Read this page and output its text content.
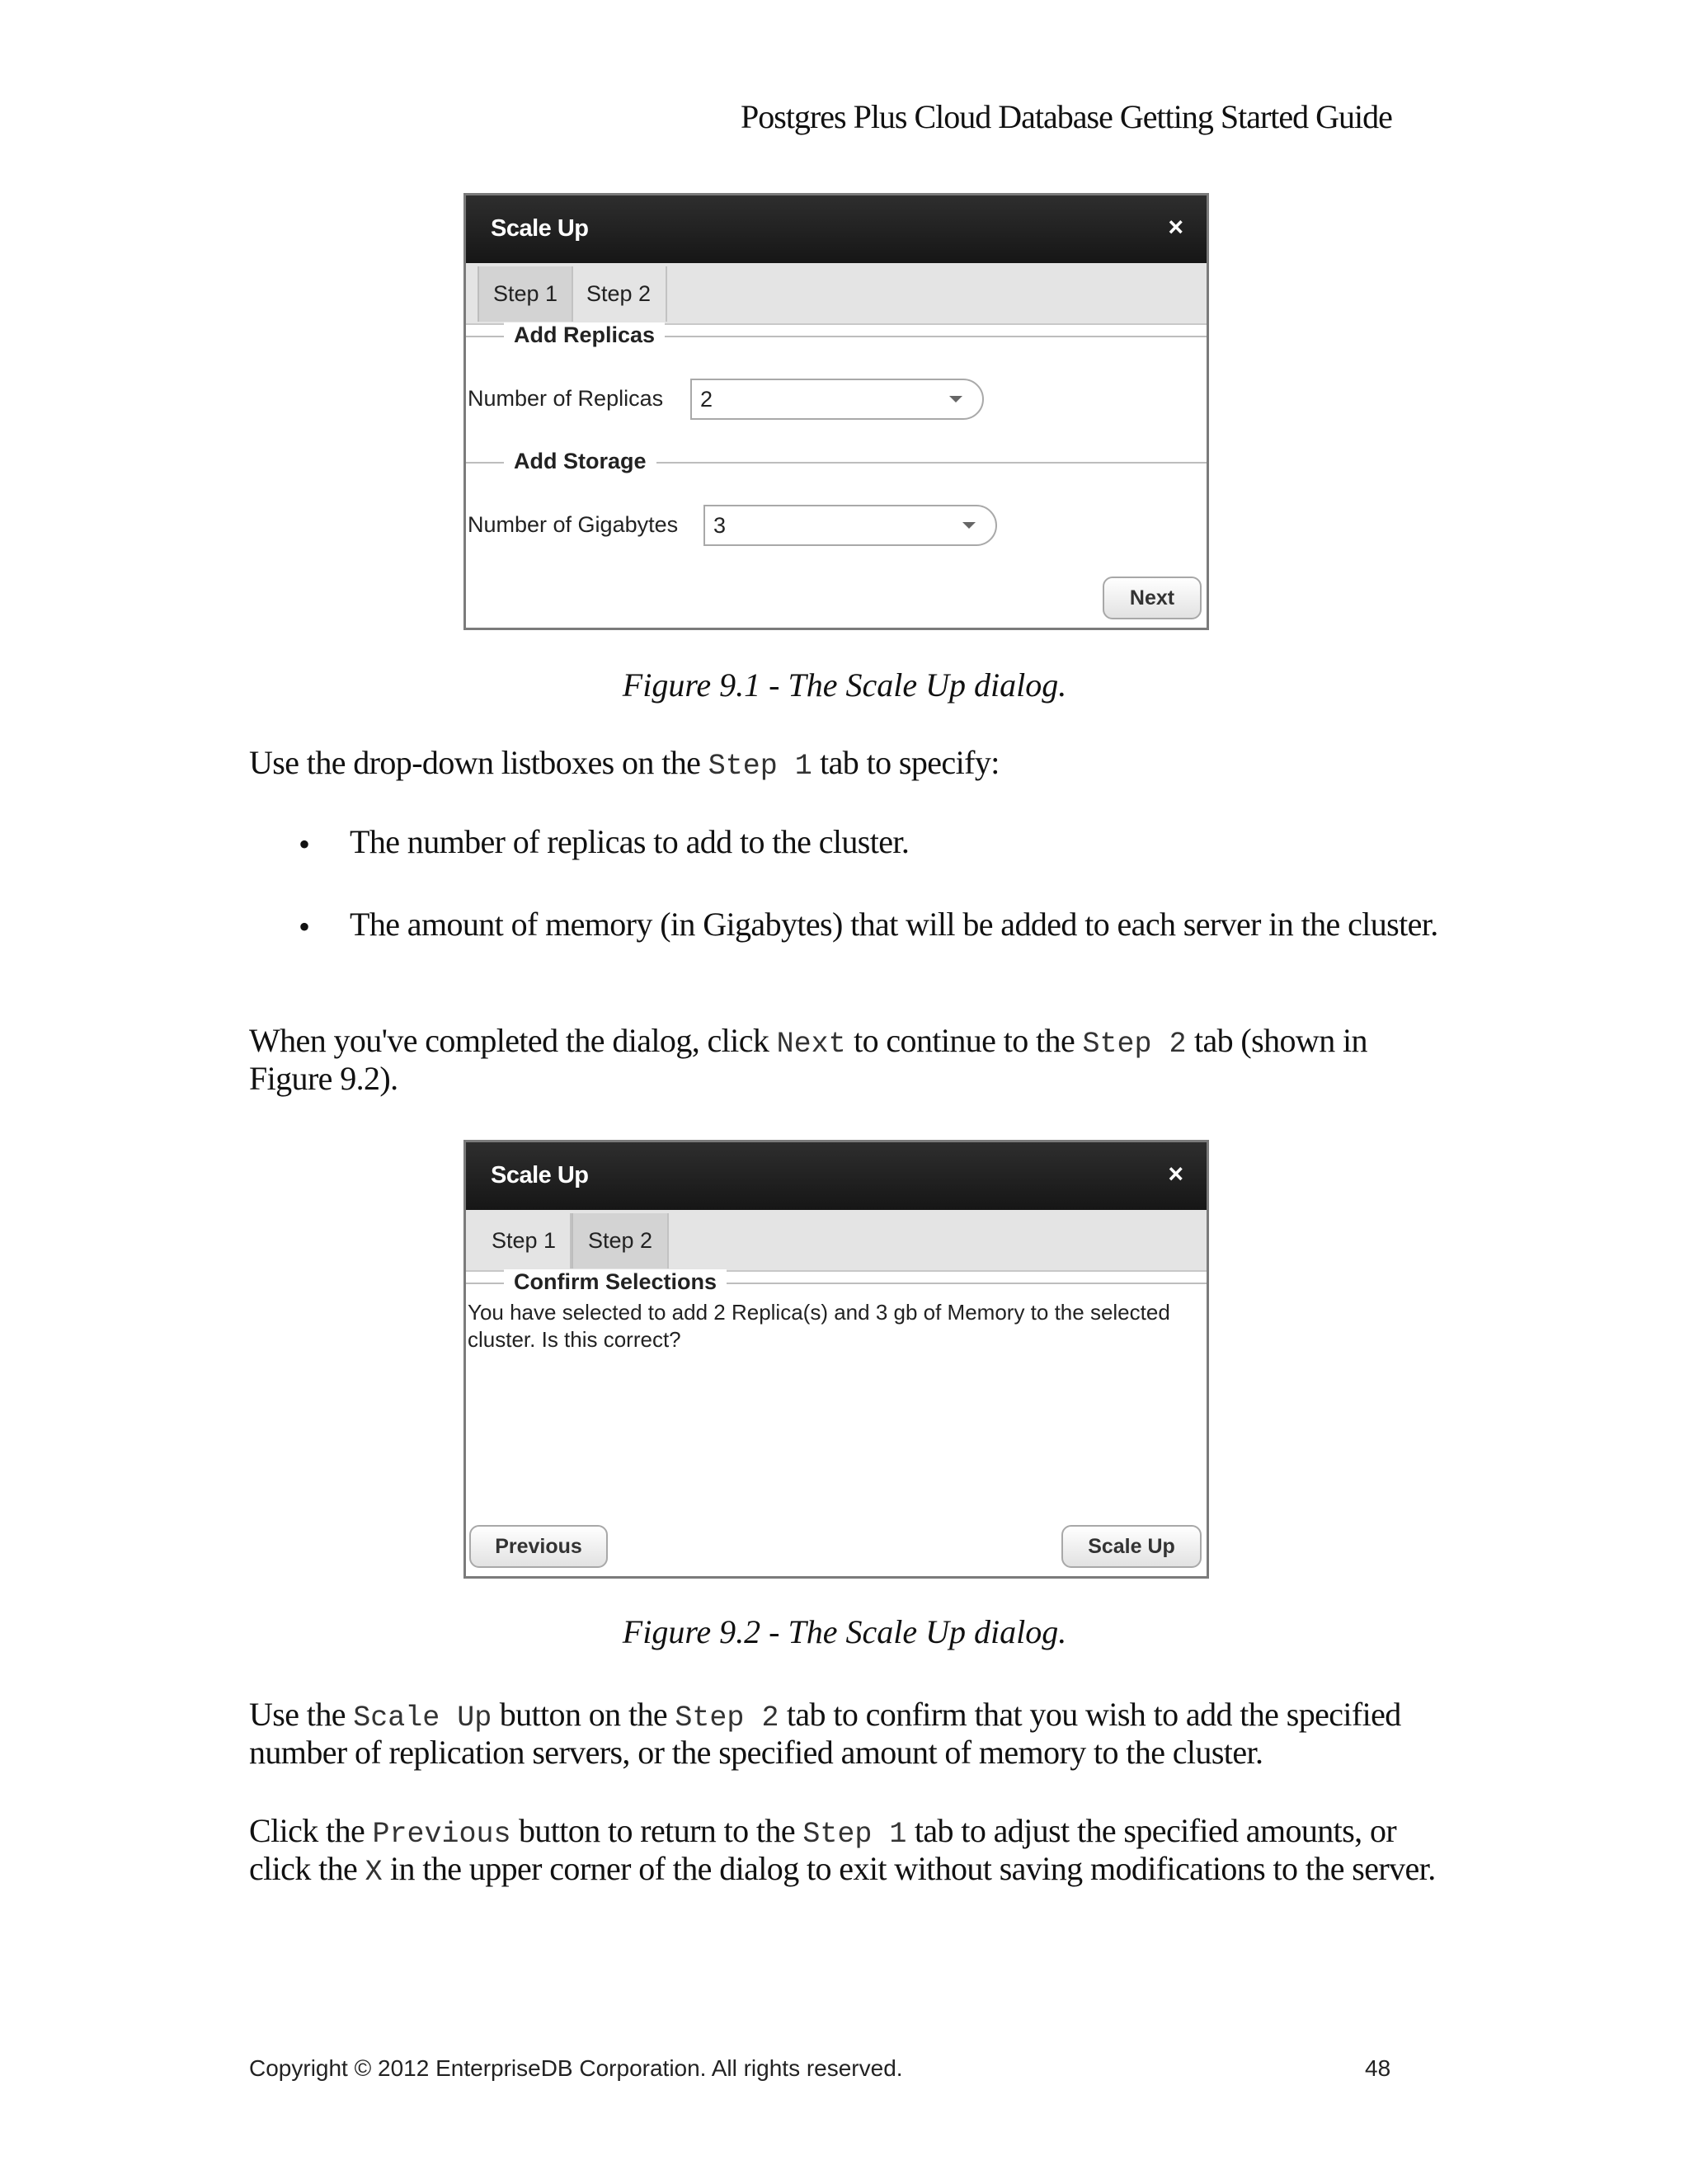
Postgres Plus Cloud Database Getting Started Guide
Scale Up	×
Step 1	Step 2
Add Replicas
Number of Replicas 2
Add Storage
Number of Gigabytes 3
Next
Figure 9.1 - The Scale Up dialog.
Use the drop-down listboxes on the Step 1 tab to specify:
• The number of replicas to add to the cluster.
• The amount of memory (in Gigabytes) that will be added to each server in the cluster.
When you've completed the dialog, click Next to continue to the Step 2 tab (shown in Figure 9.2).
Scale Up	×
Step 1	Step 2
Confirm Selections
You have selected to add 2 Replica(s) and 3 gb of Memory to the selected cluster. Is this correct?
Previous	Scale Up
Figure 9.2 - The Scale Up dialog.
Use the Scale Up button on the Step 2 tab to confirm that you wish to add the specified number of replication servers, or the specified amount of memory to the cluster.
Click the Previous button to return to the Step 1 tab to adjust the specified amounts, or click the X in the upper corner of the dialog to exit without saving modifications to the server.
Copyright © 2012 EnterpriseDB Corporation. All rights reserved.	48
